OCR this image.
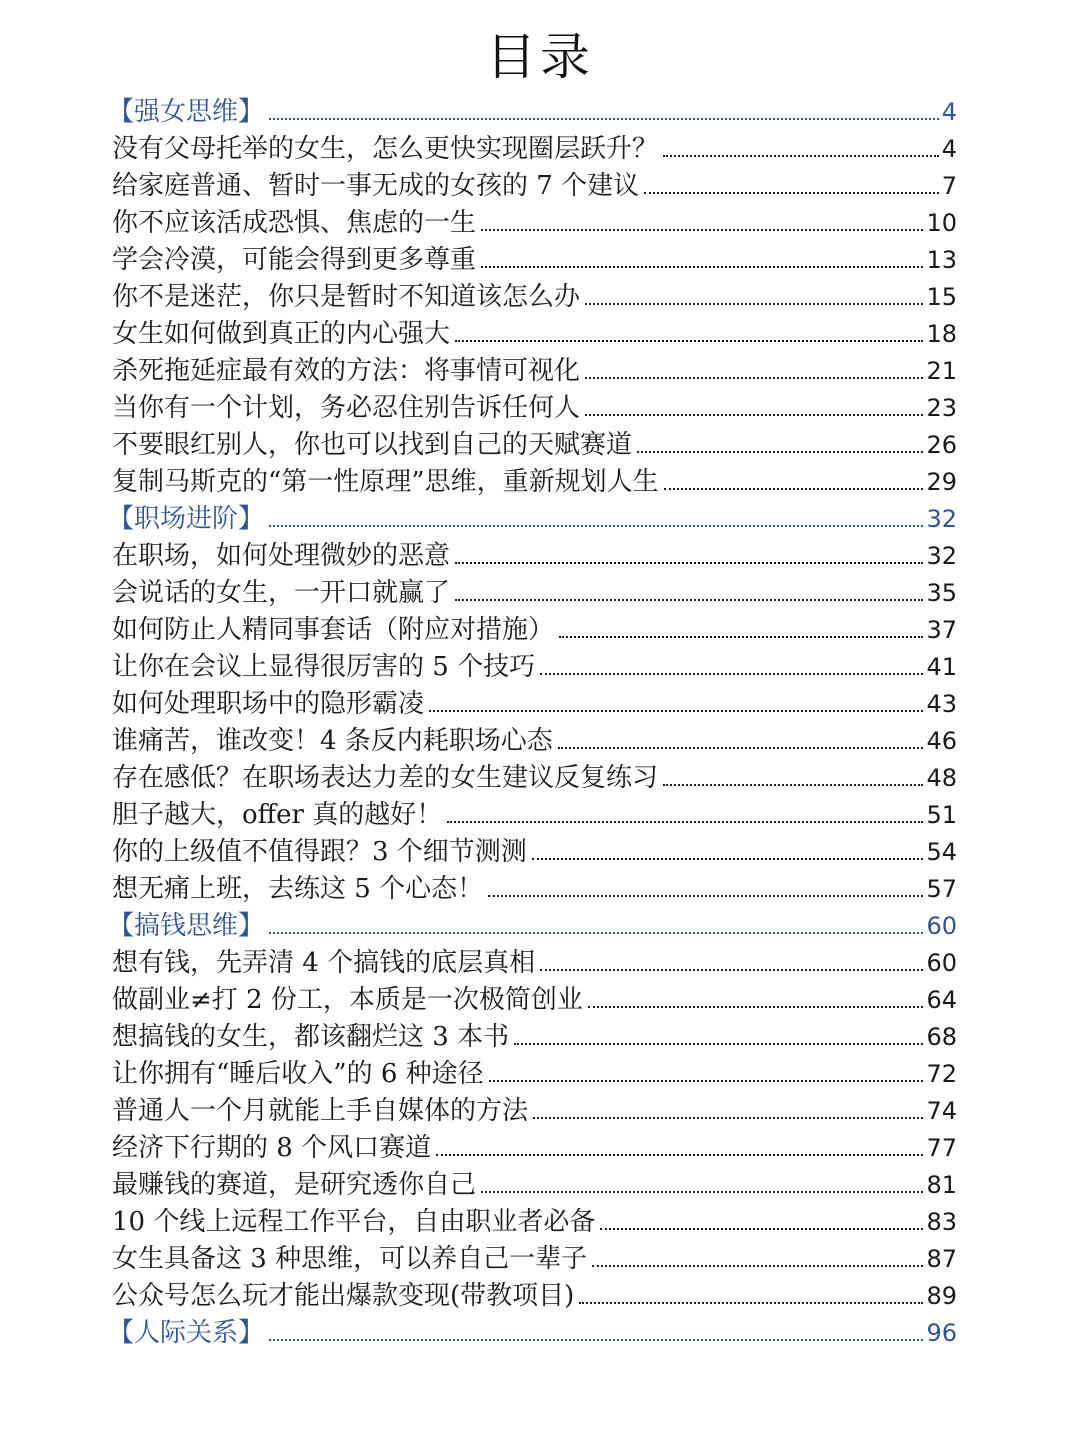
目录
【强女思维】	4
没有父母托举的女生，怎么更快实现圈层跃升？	4
给家庭普通、暂时一事无成的女孩的 7 个建议	7
你不应该活成恐惧、焦虑的一生	10
学会冷漠，可能会得到更多尊重	13
你不是迷茫，你只是暂时不知道该怎么办	15
女生如何做到真正的内心强大	18
杀死拖延症最有效的方法：将事情可视化	21
当你有一个计划，务必忍住别告诉任何人	23
不要眼红别人，你也可以找到自己的天赋赛道	26
复制马斯克的“第一性原理”思维，重新规划人生	29
【职场进阶】	32
在职场，如何处理微妙的恶意	32
会说话的女生，一开口就赢了	35
如何防止人精同事套话（附应对措施）	37
让你在会议上显得很厉害的 5 个技巧	41
如何处理职场中的隐形霸凌	43
谁痛苦，谁改变！4 条反内耗职场心态	46
存在感低？在职场表达力差的女生建议反复练习	48
胆子越大，offer 真的越好！	51
你的上级值不值得跟？3 个细节测测	54
想无痛上班，去练这 5 个心态！	57
【搞钱思维】	60
想有钱，先弄清 4 个搞钱的底层真相	60
做副业≠打 2 份工，本质是一次极简创业	64
想搞钱的女生，都该翻烂这 3 本书	68
让你拥有“睡后收入”的 6 种途径	72
普通人一个月就能上手自媒体的方法	74
经济下行期的 8 个风口赛道	77
最赚钱的赛道，是研究透你自己	81
10 个线上远程工作平台，自由职业者必备	83
女生具备这 3 种思维，可以养自己一辈子	87
公众号怎么玩才能出爆款变现(带教项目)	89
【人际关系】	96
